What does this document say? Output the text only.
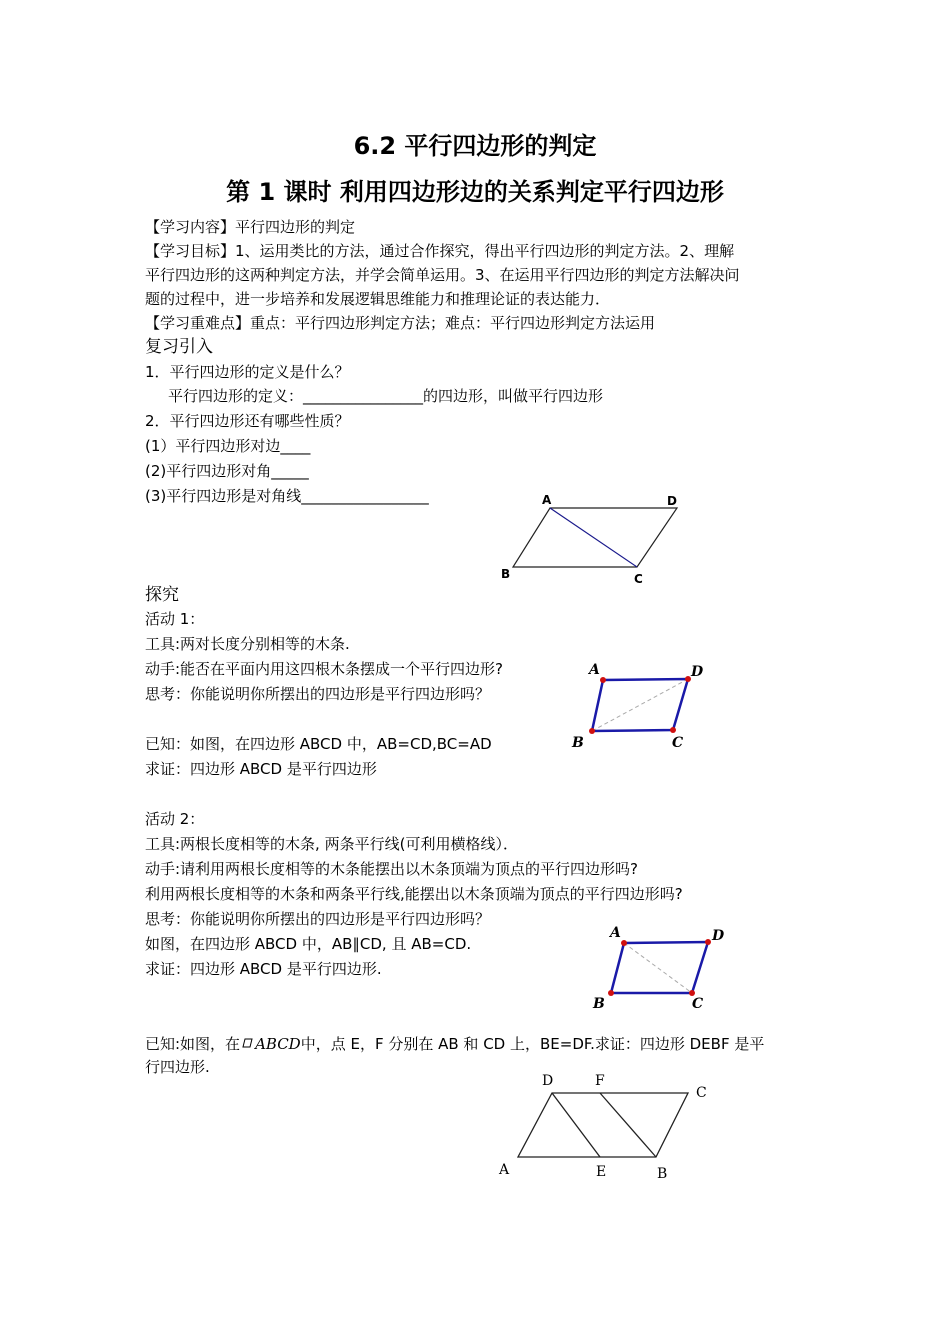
6.2 平行四边形的判定
第 1 课时 利用四边形边的关系判定平行四边形
【学习内容】平行四边形的判定
【学习目标】1、运用类比的方法，通过合作探究，得出平行四边形的判定方法。2、理解
平行四边形的这两种判定方法，并学会简单运用。3、在运用平行四边形的判定方法解决问
题的过程中，进一步培养和发展逻辑思维能力和推理论证的表达能力．
【学习重难点】重点：平行四边形判定方法；难点：平行四边形判定方法运用
复习引入
1．平行四边形的定义是什么？
平行四边形的定义：________________的四边形，叫做平行四边形
2．平行四边形还有哪些性质？
(1）平行四边形对边____
(2)平行四边形对角_____
(3)平行四边形是对角线_________________	A	D
B	C
探究
活动 1：
工具:两对长度分别相等的木条.
动手:能否在平面内用这四根木条摆成一个平行四边形?
思考：你能说明你所摆出的四边形是平行四边形吗？
已知：如图，在四边形 ABCD 中，AB=CD,BC=AD
求证：四边形 ABCD 是平行四边形
A	D
B	C
活动 2：
工具:两根长度相等的木条, 两条平行线(可利用横格线）．
动手:请利用两根长度相等的木条能摆出以木条顶端为顶点的平行四边形吗?
利用两根长度相等的木条和两条平行线,能摆出以木条顶端为顶点的平行四边形吗?
思考：你能说明你所摆出的四边形是平行四边形吗？
如图，在四边形 ABCD 中，AB∥CD, 且 AB=CD.
求证：四边形 ABCD 是平行四边形.
A	D
B	C
已知:如图，在 ABCD中，点 E，F 分别在 AB 和 CD 上，BE=DF.求证：四边形 DEBF 是平
行四边形.
D	F
C
A	E	B
